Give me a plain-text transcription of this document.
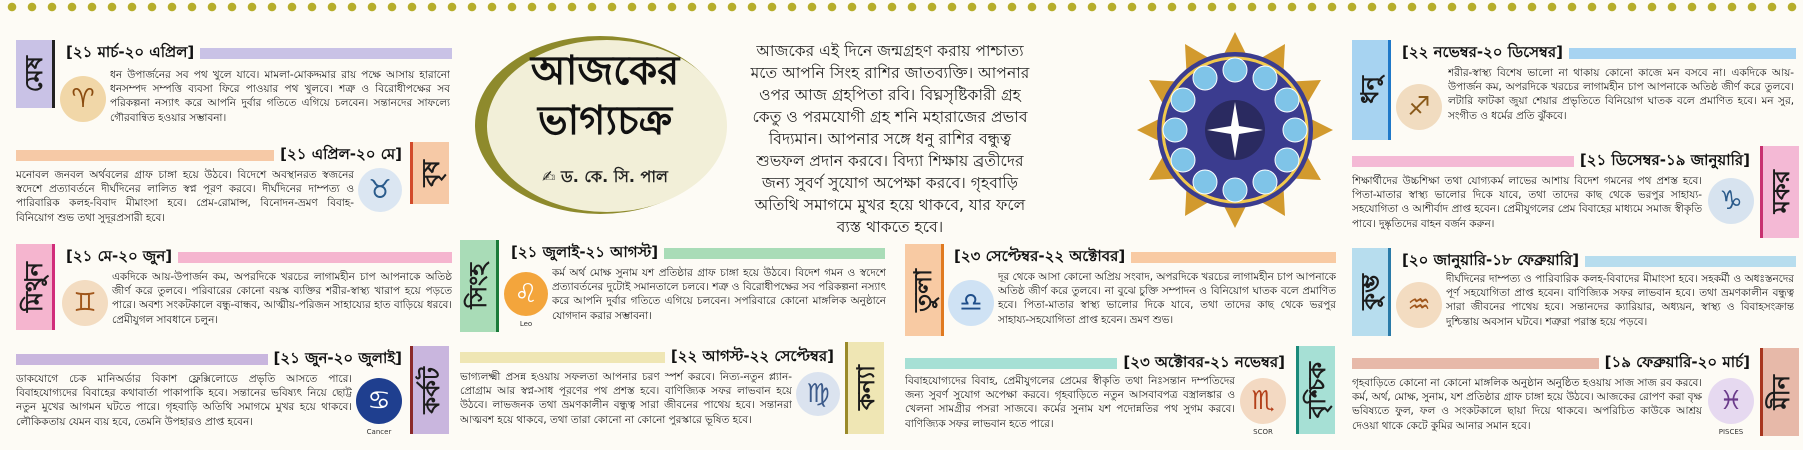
আজকের ভাগ্যচক্র
✍ ড. কে. সি. পাল
আজকের এই দিনে জন্মগ্রহণ করায় পাশ্চাত্য মতে আপনি সিংহ রাশির জাতব্যক্তি। আপনার ওপর আজ গ্রহপিতা রবি। বিঘ্নসৃষ্টিকারী গ্রহ কেতু ও পরমযোগী গ্রহ শনি মহারাজের প্রভাব বিদ্যমান। আপনার সঙ্গে ধনু রাশির বন্ধুত্ব শুভফল প্রদান করবে। বিদ্যা শিক্ষায় ব্রতীদের জন্য সুবর্ণ সুযোগ অপেক্ষা করবে। গৃহবাড়ি অতিথি সমাগমে মুখর হয়ে থাকবে, যার ফলে ব্যস্ত থাকতে হবে।
মেষ
[২১ মার্চ-২০ এপ্রিল]
♈
ধন উপার্জনের সব পথ খুলে যাবে। মামলা-মোকদ্দমার রায় পক্ষে আসায় হারানো ধনসম্পদ সম্পত্তি ব্যবসা ফিরে পাওয়ার পথ খুলবে। শত্রু ও বিরোধীপক্ষের সব পরিকল্পনা নস্যাৎ করে আপনি দুর্বার গতিতে এগিয়ে চলবেন। সন্তানদের সাফল্যে গৌরবান্বিত হওয়ার সম্ভাবনা।
[২১ এপ্রিল-২০ মে]
বৃষ
♉
মনোবল জনবল অর্থবলের গ্রাফ চাঙ্গা হয়ে উঠবে। বিদেশে অবস্থানরত স্বজনের স্বদেশে প্রত্যাবর্তনে দীর্ঘদিনের লালিত স্বপ্ন পূরণ করবে। দীর্ঘদিনের দাম্পত্য ও পারিবারিক কলহ-বিবাদ মীমাংসা হবে। প্রেম-রোমান্স, বিনোদন-ভ্রমণ বিবাহ-বিনিয়োগ শুভ তথা সুদূরপ্রসারী হবে।
মিথুন
[২১ মে-২০ জুন]
♊
একদিকে আয়-উপার্জন কম, অপরদিকে খরচের লাগামহীন চাপ আপনাকে অতিষ্ঠ জীর্ণ করে তুলবে। পরিবারের কোনো বয়স্ক ব্যক্তির শরীর-স্বাস্থ্য খারাপ হয়ে পড়তে পারে। অবশ্য সংকটকালে বন্ধু-বান্ধব, আত্মীয়-পরিজন সাহায্যের হাত বাড়িয়ে ধরবে। প্রেমীযুগল সাবধানে চলুন।
[২১ জুন-২০ জুলাই]
কর্কট
♋
Cancer
ডাকযোগে চেক মানিঅর্ডার বিকাশ ফ্লেক্সিলোডে প্রভৃতি আসতে পারে। বিবাহযোগ্যদের বিবাহের কথাবার্তা পাকাপাকি হবে। সন্তানের ভবিষ্যৎ নিয়ে ছোট্ট নতুন মুখের আগমন ঘটতে পারে। গৃহবাড়ি অতিথি সমাগমে মুখর হয়ে থাকবে। লৌকিকতায় যেমন ব্যয় হবে, তেমনি উপহারও প্রাপ্ত হবেন।
সিংহ
[২১ জুলাই-২১ আগস্ট]
♌
Leo
কর্ম অর্থ মোক্ষ সুনাম যশ প্রতিষ্ঠার গ্রাফ চাঙ্গা হয়ে উঠবে। বিদেশ গমন ও স্বদেশে প্রত্যাবর্তনের দুটোই সমানতালে চলবে। শত্রু ও বিরোধীপক্ষের সব পরিকল্পনা নস্যাৎ করে আপনি দুর্বার গতিতে এগিয়ে চলবেন। সপরিবারে কোনো মাঙ্গলিক অনুষ্ঠানে যোগদান করার সম্ভাবনা।
[২২ আগস্ট-২২ সেপ্টেম্বর]
কন্যা
♍
ভাগ্যলক্ষ্মী প্রসন্ন হওয়ায় সফলতা আপনার চরণ স্পর্শ করবে। নিত্য-নতুন প্ল্যান-প্রোগ্রাম আর স্বপ্ন-সাধ পূরণের পথ প্রশস্ত হবে। বাণিজ্যিক সফর লাভবান হয়ে উঠবে। লাভজনক তথা ভ্রমণকালীন বন্ধুত্ব সারা জীবনের পাথেয় হবে। সন্তানরা আত্মবশ হয়ে থাকবে, তথা তারা কোনো না কোনো পুরস্কারে ভূষিত হবে।
তুলা
[২৩ সেপ্টেম্বর-২২ অক্টোবর]
♎
দূর থেকে আসা কোনো অপ্রিয় সংবাদ, অপরদিকে খরচের লাগামহীন চাপ আপনাকে অতিষ্ঠ জীর্ণ করে তুলবে। না বুঝে চুক্তি সম্পাদন ও বিনিয়োগ ঘাতক বলে প্রমাণিত হবে। পিতা-মাতার স্বাস্থ্য ভালোর দিকে যাবে, তথা তাদের কাছ থেকে ভরপুর সাহায্য-সহযোগিতা প্রাপ্ত হবেন। ভ্রমণ শুভ।
[২৩ অক্টোবর-২১ নভেম্বর]
বৃশ্চিক
♏
SCOR
বিবাহযোগ্যদের বিবাহ, প্রেমীযুগলের প্রেমের স্বীকৃতি তথা নিঃসন্তান দম্পতিদের জন্য সুবর্ণ সুযোগ অপেক্ষা করবে। গৃহবাড়িতে নতুন আসবাবপত্র বস্ত্রালঙ্কার ও খেলনা সামগ্রীর পসরা সাজবে। কর্মের সুনাম যশ পদোন্নতির পথ সুগম করবে। বাণিজ্যিক সফর লাভবান হতে পারে।
ধনু
[২২ নভেম্বর-২০ ডিসেম্বর]
♐
শরীর-স্বাস্থ্য বিশেষ ভালো না থাকায় কোনো কাজে মন বসবে না। একদিকে আয়-উপার্জন কম, অপরদিকে খরচের লাগামহীন চাপ আপনাকে অতিষ্ঠ জীর্ণ করে তুলবে। লটারি ফাটকা জুয়া শেয়ার প্রভৃতিতে বিনিয়োগ ঘাতক বলে প্রমাণিত হবে। মন সুর, সংগীত ও ধর্মের প্রতি ঝুঁকবে।
[২১ ডিসেম্বর-১৯ জানুয়ারি]
মকর
♑
শিক্ষার্থীদের উচ্চশিক্ষা তথা যোগ্যকর্ম লাভের আশায় বিদেশ গমনের পথ প্রশস্ত হবে। পিতা-মাতার স্বাস্থ্য ভালোর দিকে যাবে, তথা তাদের কাছ থেকে ভরপুর সাহায্য-সহযোগিতা ও আশীর্বাদ প্রাপ্ত হবেন। প্রেমীযুগলের প্রেম বিবাহের মাধ্যমে সমাজ স্বীকৃতি পাবে। দুষ্কৃতিদের বাহন বর্জন করুন।
কুম্ভ
[২০ জানুয়ারি-১৮ ফেব্রুয়ারি]
♒
দীর্ঘদিনের দাম্পত্য ও পারিবারিক কলহ-বিবাদের মীমাংসা হবে। সহকর্মী ও অধঃস্তনদের পূর্ণ সহযোগিতা প্রাপ্ত হবেন। বাণিজ্যিক সফর লাভবান হবে। তথা ভ্রমণকালীন বন্ধুত্ব সারা জীবনের পাথেয় হবে। সন্তানদের ক্যারিয়ার, অধ্যয়ন, স্বাস্থ্য ও বিবাহসংক্রান্ত দুশ্চিন্তায় অবসান ঘটবে। শত্রুরা পরাস্ত হয়ে পড়বে।
[১৯ ফেব্রুয়ারি-২০ মার্চ]
মীন
♓
PISCES
গৃহবাড়িতে কোনো না কোনো মাঙ্গলিক অনুষ্ঠান অনুষ্ঠিত হওয়ায় সাজ সাজ রব করবে। কর্ম, অর্থ, মোক্ষ, সুনাম, যশ প্রতিষ্ঠার গ্রাফ চাঙ্গা হয়ে উঠবে। আজকের রোপণ করা বৃক্ষ ভবিষ্যতে ফুল, ফল ও সংকটকালে ছায়া দিয়ে থাকবে। অপরিচিত কাউকে আশ্রয় দেওয়া থাকে কেটে কুমির আনার সমান হবে।
